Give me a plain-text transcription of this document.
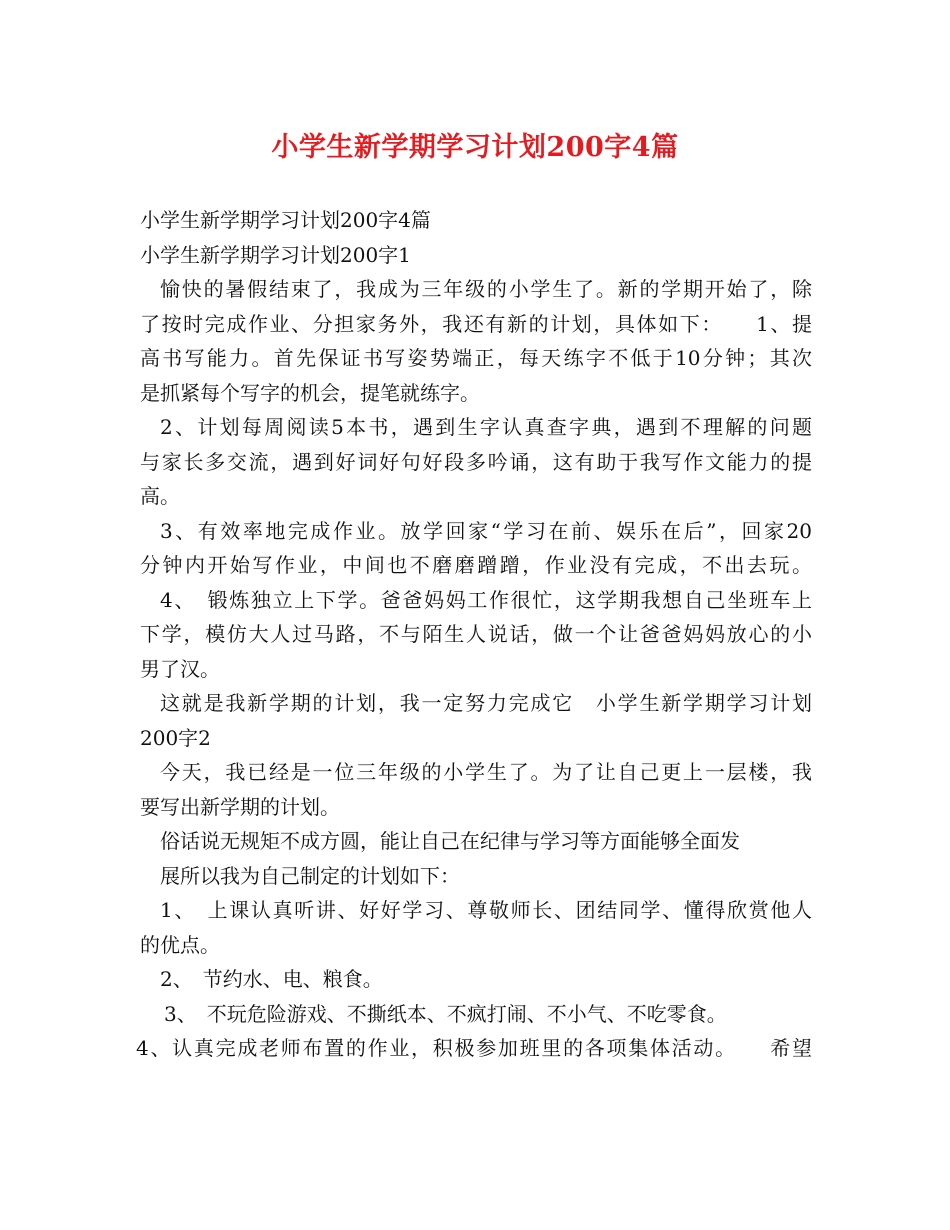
小学生新学期学习计划200字4篇
小学生新学期学习计划200字4篇
小学生新学期学习计划200字1
愉快的暑假结束了，我成为三年级的小学生了。新的学期开始了，除
了按时完成作业、分担家务外，我还有新的计划，具体如下：　　1、提
高书写能力。首先保证书写姿势端正，每天练字不低于10分钟；其次
是抓紧每个写字的机会，提笔就练字。
2、计划每周阅读5本书，遇到生字认真查字典，遇到不理解的问题
与家长多交流，遇到好词好句好段多吟诵，这有助于我写作文能力的提
高。
3、有效率地完成作业。放学回家“学习在前、娱乐在后”，回家20
分钟内开始写作业，中间也不磨磨蹭蹭，作业没有完成，不出去玩。
4、　锻炼独立上下学。爸爸妈妈工作很忙，这学期我想自己坐班车上
下学，模仿大人过马路，不与陌生人说话，做一个让爸爸妈妈放心的小
男了汉。
这就是我新学期的计划，我一定努力完成它　小学生新学期学习计划
200字2
今天，我已经是一位三年级的小学生了。为了让自己更上一层楼，我
要写出新学期的计划。
俗话说无规矩不成方圆，能让自己在纪律与学习等方面能够全面发
展所以我为自己制定的计划如下：
1、　上课认真听讲、好好学习、尊敬师长、团结同学、懂得欣赏他人
的优点。
2、　节约水、电、粮食。
3、　不玩危险游戏、不撕纸本、不疯打闹、不小气、不吃零食。
4、认真完成老师布置的作业，积极参加班里的各项集体活动。　　希望
